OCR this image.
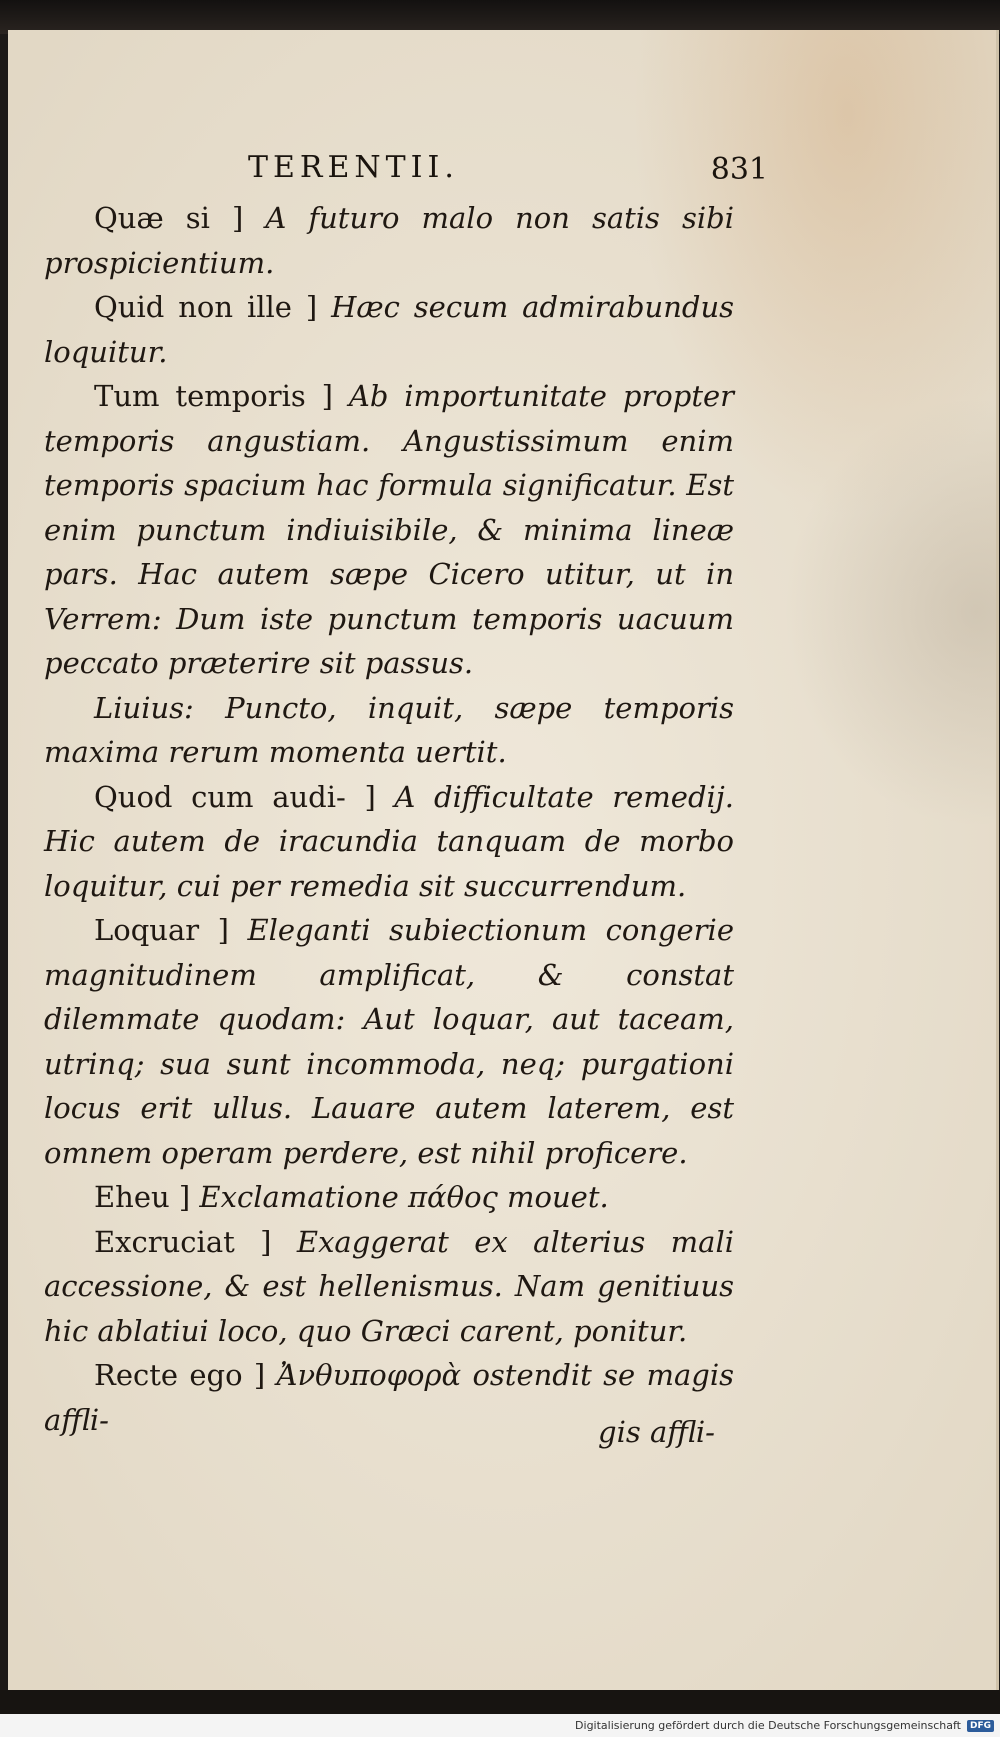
TERENTII.	831

Quæ si ] A futuro malo non satis sibi prospicientium.

Quid non ille ] Hæc secum admirabundus loquitur.

Tum temporis ] Ab importunitate propter temporis angustiam. Angustissimum enim temporis spacium hac formula significatur. Est enim punctum indiuisibile, & minima lineæ pars. Hac autem sæpe Cicero utitur, ut in Verrem: Dum iste punctum temporis uacuum peccato præterire sit passus.

Liuius: Puncto, inquit, sæpe temporis maxima rerum momenta uertit.

Quod cum audi- ] A difficultate remedij. Hic autem de iracundia tanquam de morbo loquitur, cui per remedia sit succurrendum.

Loquar ] Eleganti subiectionum congerie magnitudinem amplificat, & constat dilemmate quodam: Aut loquar, aut taceam, utrinq; sua sunt incommoda, neq; purgationi locus erit ullus. Lauare autem laterem, est omnem operam perdere, est nihil proficere.

Eheu ] Exclamatione πάθος mouet.

Excruciat ] Exaggerat ex alterius mali accessione, & est hellenismus. Nam genitiuus hic ablatiui loco, quo Græci carent, ponitur.

Recte ego ] Ἀνθυποφορὰ ostendit se magis affli-	gis affli-
Digitalisierung gefördert durch die Deutsche Forschungsgemeinschaft	DFG
